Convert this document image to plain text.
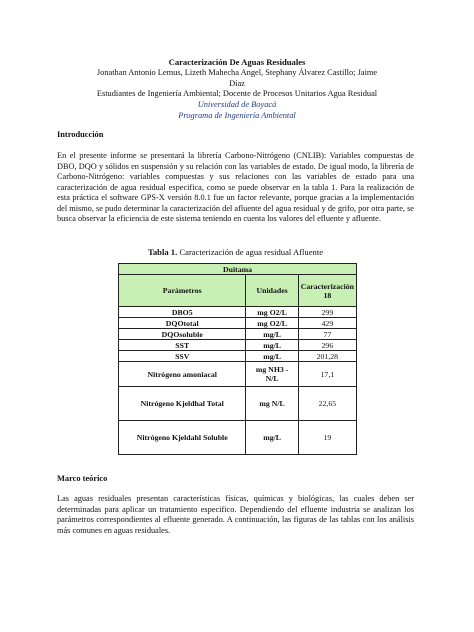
Caracterización De Aguas Residuales
Jonathan Antonio Lemus, Lizeth Mahecha Angel, Stephany Álvarez Castillo; Jaime
Díaz
Estudiantes de Ingeniería Ambiental; Docente de Procesos Unitarios Agua Residual
Universidad de Boyacá
Programa de Ingeniería Ambiental
Introducción
En el presente informe se presentará la librería Carbono-Nitrógeno (CNLIB): Variables compuestas de DBO, DQO y sólidos en suspensión y su relación con las variables de estado. De igual modo, la librería de Carbono-Nitrógeno: variables compuestas y sus relaciones con las variables de estado para una caracterización de agua residual especifica, como se puede observar en la tabla 1. Para la realización de esta práctica el software GPS-X versión 8.0.1 fue un factor relevante, porque gracias a la implementación del mismo, se pudo determinar la caracterización del afluente del agua residual y de grifo, por otra parte, se busca observar la eficiencia de este sistema teniendo en cuenta los valores del efluente y afluente.
Tabla 1. Caracterización de agua residual Afluente
Duitama		
Parámetros	Unidades	Caracterización 18
DBO5	mg O2/L	299
DQOtotal	mg O2/L	429
DQOsoluble	mg/L	77
SST	mg/L	296
SSV	mg/L	201,28
Nitrógeno amoniacal	mg NH3 - N/L	17,1
Nitrógeno Kjeldhal Total	mg N/L	22,65
Nitrógeno Kjeldahl Soluble	mg/L	19
Marco teórico
Las aguas residuales presentan características físicas, químicas y biológicas, las cuales deben ser determinadas para aplicar un tratamiento especifico. Dependiendo del efluente industria se analizan los parámetros correspondientes al efluente generado. A continuación, las figuras de las tablas con los análisis más comunes en aguas residuales.
